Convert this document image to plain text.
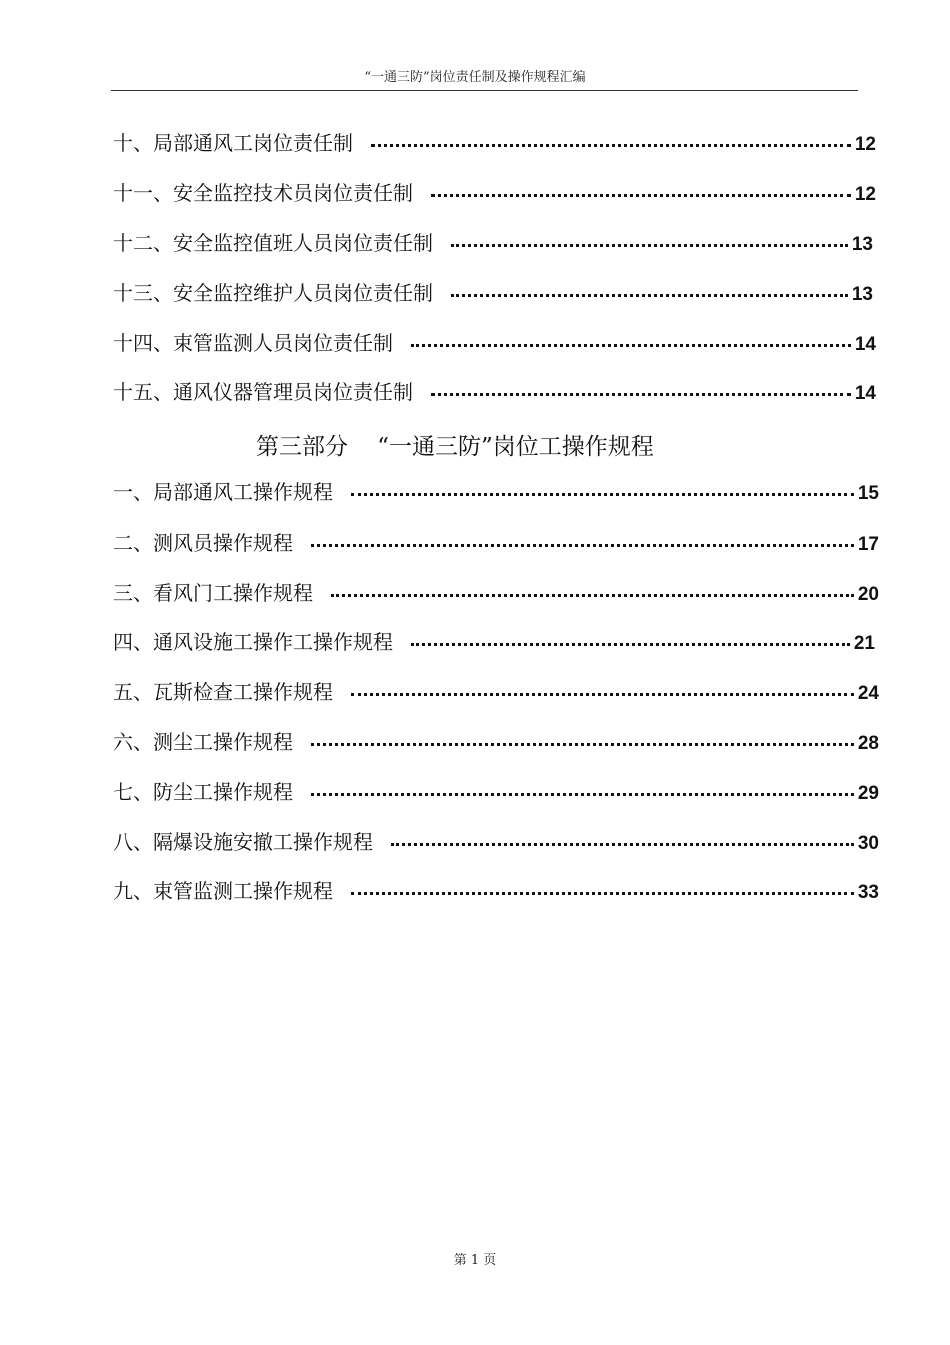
“一通三防”岗位责任制及操作规程汇编
十、局部通风工岗位责任制	12
十一、安全监控技术员岗位责任制	12
十二、安全监控值班人员岗位责任制	13
十三、安全监控维护人员岗位责任制	13
十四、束管监测人员岗位责任制	14
十五、通风仪器管理员岗位责任制	14
第三部分    “一通三防”岗位工操作规程
一、局部通风工操作规程	15
二、测风员操作规程	17
三、看风门工操作规程	20
四、通风设施工操作工操作规程	21
五、瓦斯检查工操作规程	24
六、测尘工操作规程	28
七、防尘工操作规程	29
八、隔爆设施安撤工操作规程	30
九、束管监测工操作规程	33
第 1 页
